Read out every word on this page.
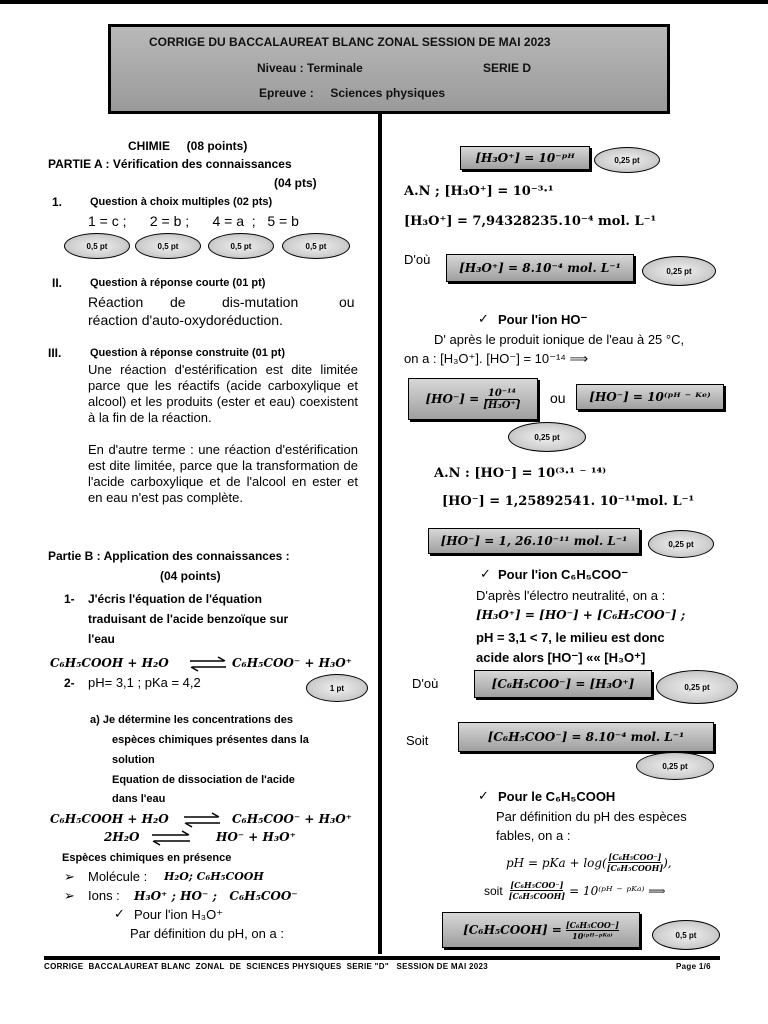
CORRIGE DU BACCALAUREAT BLANC ZONAL SESSION DE MAI 2023
Niveau : Terminale	SERIE D
Epreuve :     Sciences physiques
CHIMIE     (08 points)
PARTIE A : Vérification des connaissances
(04 pts)
1.	Question à choix multiples (02 pts)
1 = c ;      2 = b ;      4 = a  ;   5 = b
0,5 pt	0,5 pt	0,5 pt	0,5 pt
II.	Question à réponse courte (01 pt)
Réaction de	dis-mutation	ou
réaction d'auto-oxydoréduction.
III.	Question à réponse construite (01 pt)
Une réaction d'estérification est dite limitée parce que les réactifs (acide carboxylique et alcool) et les produits (ester et eau) coexistent à la fin de la réaction.
En d'autre terme : une réaction d'estérification est dite limitée, parce que la transformation de l'acide carboxylique et de l'alcool en ester et en eau n'est pas complète.
Partie B : Application des connaissances :
(04 points)
1- J'écris l'équation de l'équation
traduisant de l'acide benzoïque sur
l'eau
C₆H₅COOH + H₂O ⇌ C₆H₅COO⁻ + H₃O⁺
2- pH= 3,1 ; pKa = 4,2	1 pt
a) Je détermine les concentrations des
espèces chimiques présentes dans la
solution
Equation de dissociation de l'acide
dans l'eau
C₆H₅COOH + H₂O ⇌ C₆H₅COO⁻ + H₃O⁺
2H₂O ⇌ HO⁻ + H₃O⁺
Espèces chimiques en présence
➢ Molécule : H₂O; C₆H₅COOH
➢ Ions : H₃O⁺ ; HO⁻ ;   C₆H₅COO⁻
✓ Pour l'ion H₃O⁺
Par définition du pH, on a :
[H₃O⁺] = 10⁻ᵖᴴ	0,25 pt
A.N ; [H₃O⁺] = 10⁻³·¹
[H₃O⁺] = 7,94328235.10⁻⁴ mol. L⁻¹
D'où
[H₃O⁺] = 8.10⁻⁴ mol. L⁻¹	0,25 pt
✓ Pour l'ion HO⁻
D' après le produit ionique de l'eau à 25 °C,
on a : [H₃O⁺]. [HO⁻] = 10⁻¹⁴ ⟹
$[HO^-] = \frac{\text{10⁻¹⁴}}{\text{[H₃O⁺]}}$ ou	[HO⁻] = 10⁽ᵖᴴ ⁻ ᴷᵉ⁾
0,25 pt
A.N : [HO⁻] = 10⁽³·¹ ⁻ ¹⁴⁾
[HO⁻] = 1,25892541. 10⁻¹¹mol. L⁻¹
[HO⁻] = 1, 26.10⁻¹¹ mol. L⁻¹	0,25 pt
✓ Pour l'ion C₆H₅COO⁻
D'après l'électro neutralité, on a :
[H₃O⁺] = [HO⁻] + [C₆H₅COO⁻] ;
pH = 3,1 < 7, le milieu est donc
acide alors [HO⁻] «« [H₃O⁺]
D'où	[C₆H₅COO⁻] = [H₃O⁺]	0,25 pt
Soit	[C₆H₅COO⁻] = 8.10⁻⁴ mol. L⁻¹
0,25 pt
✓ Pour le C₆H₅COOH
Par définition du pH des espèces
fables, on a :
pH = pKa + log( [C₆H₅COO⁻]
[C₆H₅COOH] ),
soit [C₆H₅COO⁻]
[C₆H₅COOH] = 10⁽ᵖᴴ ⁻ ᵖᴷᵃ⁾ ⟹
[C₆H₅COOH] = [C₆H₅COO⁻]
10⁽ᵖᴴ⁻ᵖᴷᵃ⁾	0,5 pt
CORRIGE  BACCALAUREAT BLANC  ZONAL  DE  SCIENCES PHYSIQUES  SERIE "D"   SESSION DE MAI 2023	Page 1/6
